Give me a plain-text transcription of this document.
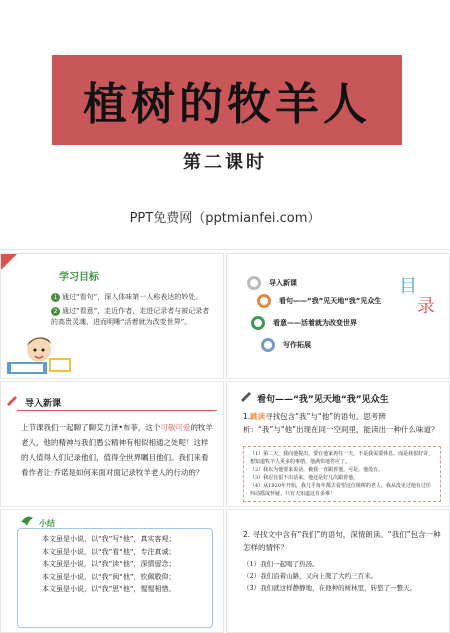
植树的牧羊人
第二课时
PPT免费网（pptmianfei.com）
学习目标
1 通过“看句”，深入体味第一人称表达的妙处。
2 通过“看意”，走近作者，走进记录者与被记录者的高贵灵魂，进而明晰“活着就为改变世界”。
目
录
导入新课
看句——“我”见天地“我”见众生
看意——活着就为改变世界
写作拓展
导入新课
上节课我们一起聊了聊艾力泽•布菲，这个可敬可爱的牧羊老人，他的精神与我们愚公精神有相似相通之处呢！这样的人值得人们记录他们，值得全世界瞩目他们。我们来看看作者让·乔诺是如何来面对面记录牧羊老人的行动的？
看句——“我”见天地“我”见众生
1.跳读寻找包含“我”与“他”的语句。思考辨析：“我”与“他”出现在同一空间里，能读出一种什么味道？
（1）第二天，我向他提出，要在他家再住一天。不是我需要休息，而是我很好奇，想知道牧羊人更多的事情。他满快地答应了。
（2）我以为他要来说话，被我一直跟着他。可是，他没有。
（3）我忍住很不出话来，他还是好几次跟着他。
（4）从1920年开始，我几乎每年都去看望这位植树的老人。我从没见过他有过任何动摇或怀疑。只有天知道这有多难！
小结
本文虽是小说，以“我”写“他”，真实客观；
本文虽是小说，以“我”看“他”，专注真诚；
本文虽是小说，以“我”读“他”，深情留念；
本文虽是小说，以“我”阅“他”，钦佩敬仰；
本文虽是小说，以“我”思“他”，惺惺相惜。
2. 寻找文中含有“我们”的语句，深情朗读。“我们”包含一种怎样的情怀？
（1）我们一起喝了热汤。
（2）我们沿着山路，又向上爬了大约三百米。
（3）我们就这样静静地，在他种的树林里，转悠了一整天。
